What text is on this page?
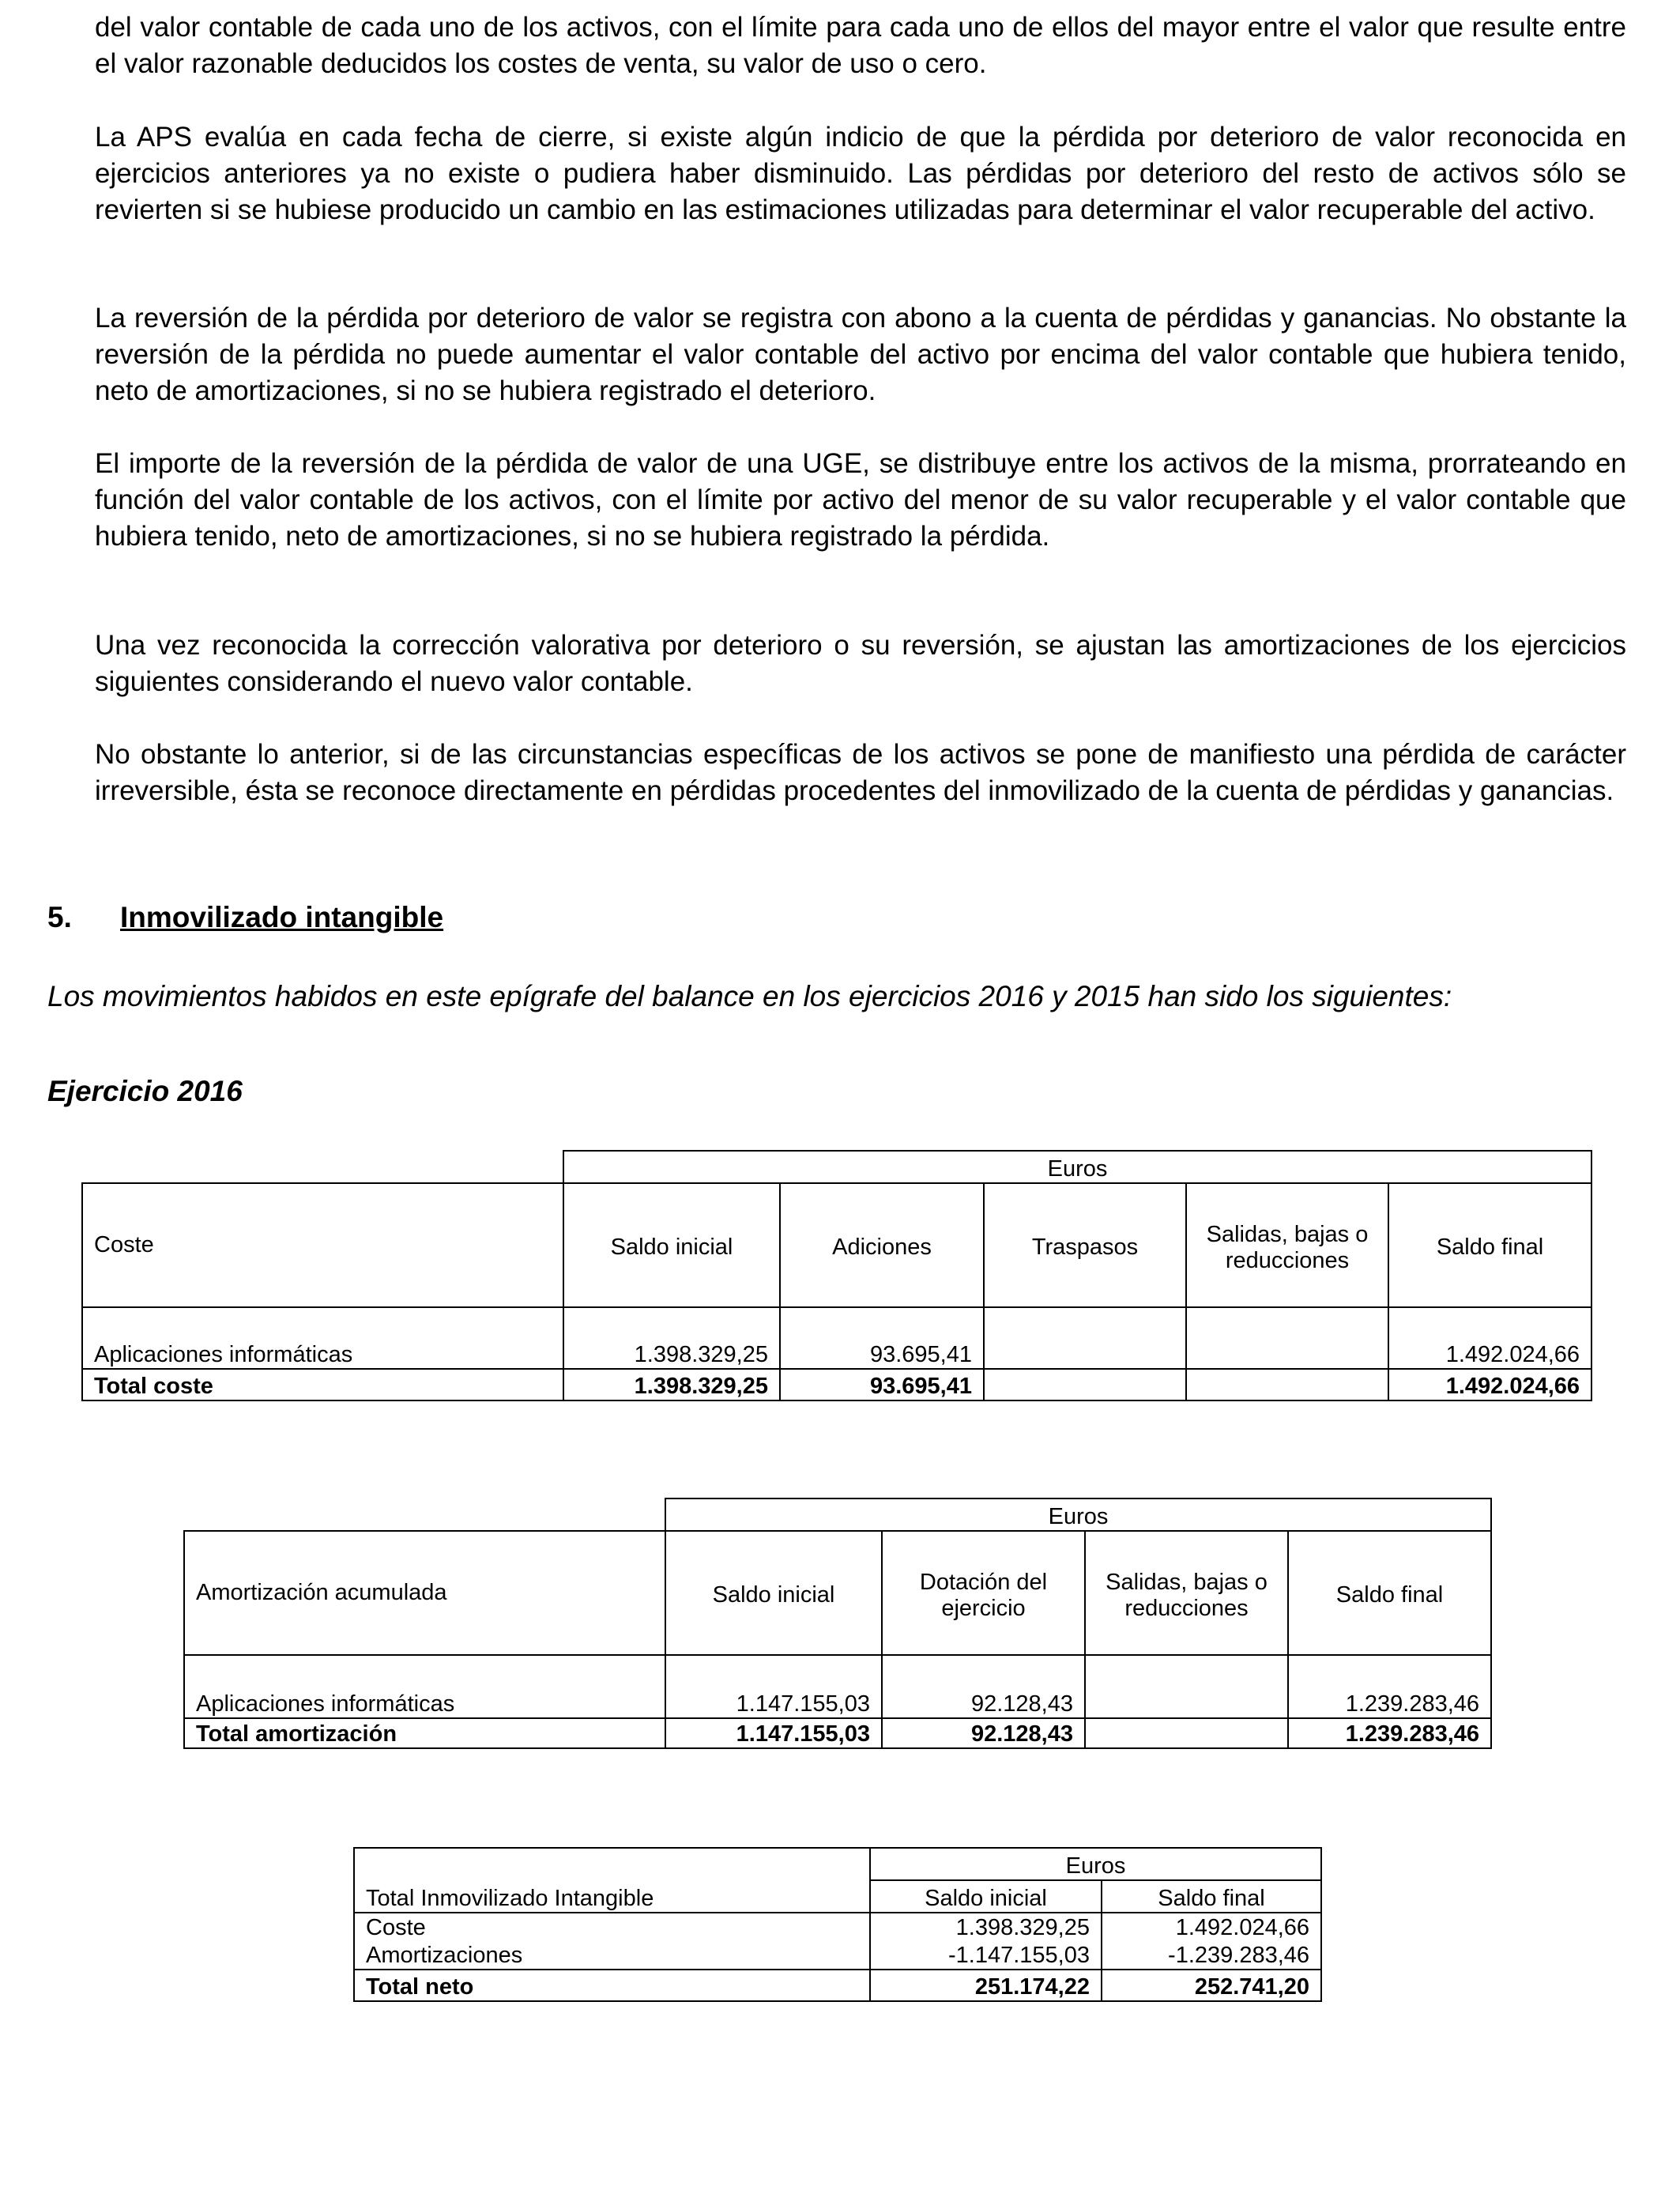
del valor contable de cada uno de los activos, con el límite para cada uno de ellos del mayor entre el valor que resulte entre el valor razonable deducidos los costes de venta, su valor de uso o cero.

La APS evalúa en cada fecha de cierre, si existe algún indicio de que la pérdida por deterioro de valor reconocida en ejercicios anteriores ya no existe o pudiera haber disminuido. Las pérdidas por deterioro del resto de activos sólo se revierten si se hubiese producido un cambio en las estimaciones utilizadas para determinar el valor recuperable del activo.

La reversión de la pérdida por deterioro de valor se registra con abono a la cuenta de pérdidas y ganancias. No obstante la reversión de la pérdida no puede aumentar el valor contable del activo por encima del valor contable que hubiera tenido, neto de amortizaciones, si no se hubiera registrado el deterioro.

El importe de la reversión de la pérdida de valor de una UGE, se distribuye entre los activos de la misma, prorrateando en función del valor contable de los activos, con el límite por activo del menor de su valor recuperable y el valor contable que hubiera tenido, neto de amortizaciones, si no se hubiera registrado la pérdida.

Una vez reconocida la corrección valorativa por deterioro o su reversión, se ajustan las amortizaciones de los ejercicios siguientes considerando el nuevo valor contable.

No obstante lo anterior, si de las circunstancias específicas de los activos se pone de manifiesto una pérdida de carácter irreversible, ésta se reconoce directamente en pérdidas procedentes del inmovilizado de la cuenta de pérdidas y ganancias.

5. Inmovilizado intangible

Los movimientos habidos en este epígrafe del balance en los ejercicios 2016 y 2015 han sido los siguientes:

Ejercicio 2016

	Euros				
Coste	Saldo inicial	Adiciones	Traspasos	Salidas, bajas o reducciones	Saldo final
Aplicaciones informáticas	1.398.329,25	93.695,41			1.492.024,66
Total coste	1.398.329,25	93.695,41			1.492.024,66
	Euros			
Amortización acumulada	Saldo inicial	Dotación del ejercicio	Salidas, bajas o reducciones	Saldo final
Aplicaciones informáticas	1.147.155,03	92.128,43		1.239.283,46
Total amortización	1.147.155,03	92.128,43		1.239.283,46
	Euros	
Total Inmovilizado Intangible	Saldo inicial	Saldo final
Coste	1.398.329,25	1.492.024,66
Amortizaciones	-1.147.155,03	-1.239.283,46
Total neto	251.174,22	252.741,20
